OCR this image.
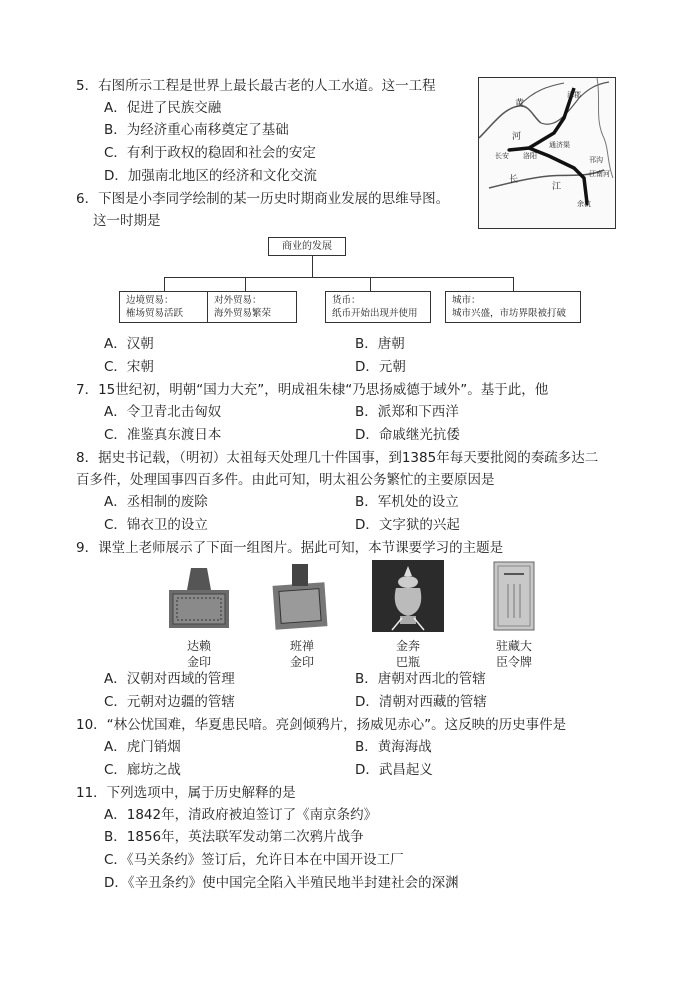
5．右图所示工程是世界上最长最古老的人工水道。这一工程
A．促进了民族交融
B．为经济重心南移奠定了基础
C．有利于政权的稳固和社会的安定
D．加强南北地区的经济和文化交流
涿郡
长安 洛阳
通济渠
黄
河
长
江
邗沟
江南河
余杭
6．下图是小李同学绘制的某一历史时期商业发展的思维导图。
这一时期是
商业的发展
边境贸易：
榷场贸易活跃
对外贸易：
海外贸易繁荣
货币：
纸币开始出现并使用
城市：
城市兴盛，市坊界限被打破
A．汉朝	B．唐朝
C．宋朝	D．元朝
7．15世纪初，明朝“国力大充”，明成祖朱棣“乃思扬威德于域外”。基于此，他
A．令卫青北击匈奴	B．派郑和下西洋
C．准鉴真东渡日本	D．命戚继光抗倭
8．据史书记载，（明初）太祖每天处理几十件国事，到1385年每天要批阅的奏疏多达二
百多件，处理国事四百多件。由此可知，明太祖公务繁忙的主要原因是
A．丞相制的废除	B．军机处的设立
C．锦衣卫的设立	D．文字狱的兴起
9．课堂上老师展示了下面一组图片。据此可知，本节课要学习的主题是
达赖
金印
班禅
金印
金奔
巴瓶
驻藏大
臣令牌
A．汉朝对西域的管理	B．唐朝对西北的管辖
C．元朝对边疆的管辖	D．清朝对西藏的管辖
10．“林公忧国难，华夏患民喑。亮剑倾鸦片，扬威见赤心”。这反映的历史事件是
A．虎门销烟	B．黄海海战
C．廊坊之战	D．武昌起义
11．下列选项中，属于历史解释的是
A．1842年，清政府被迫签订了《南京条约》
B．1856年，英法联军发动第二次鸦片战争
C．《马关条约》签订后，允许日本在中国开设工厂
D．《辛丑条约》使中国完全陷入半殖民地半封建社会的深渊
